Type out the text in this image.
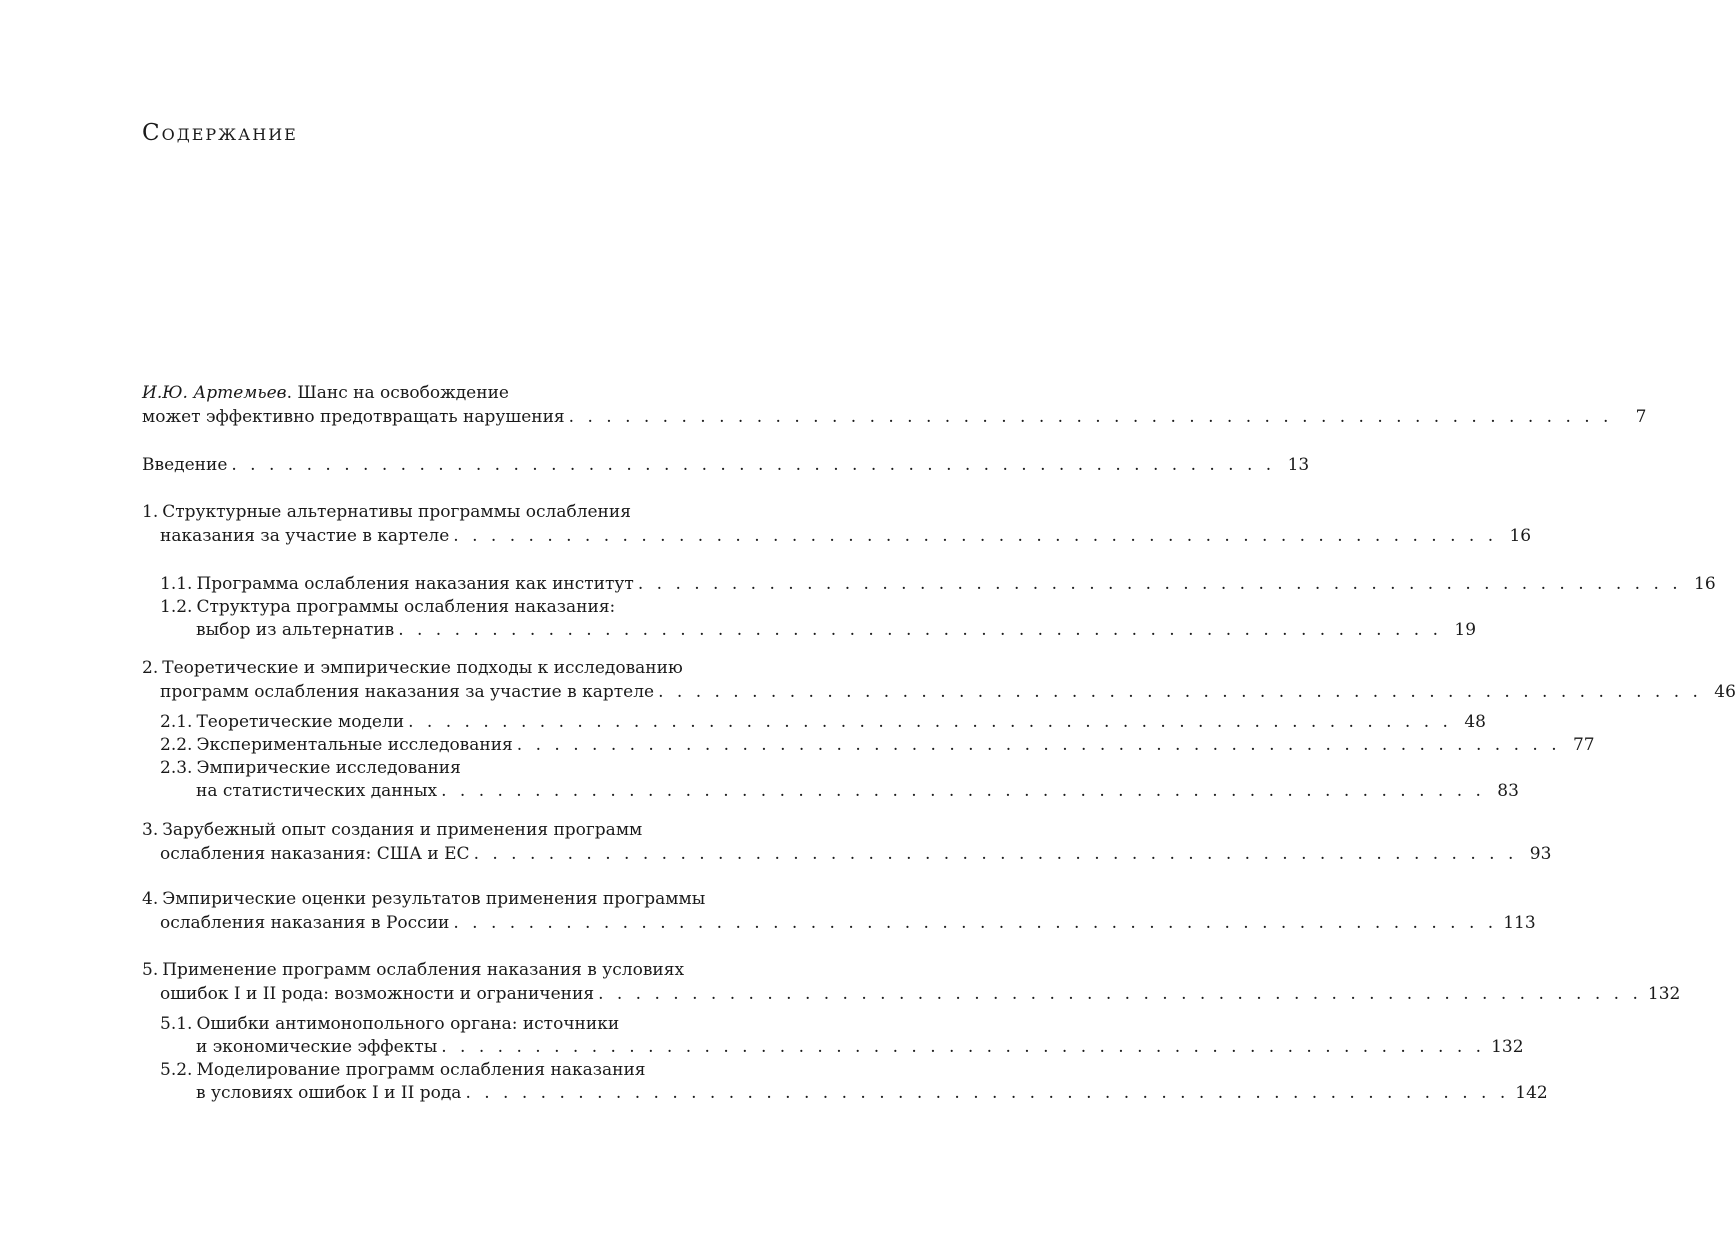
Содержание
И.Ю. Артемьев. Шанс на освобождение
может эффективно предотвращать нарушения . . . . . . . . . . . . . . . . . . . . . . . . . . . . . . . . . . . . . . . . . . . . . . . . . . . . . . . .	7
Введение . . . . . . . . . . . . . . . . . . . . . . . . . . . . . . . . . . . . . . . . . . . . . . . . . . . . . . . . 13
1. Структурные альтернативы программы ослабления
наказания за участие в картеле . . . . . . . . . . . . . . . . . . . . . . . . . . . . . . . . . . . . . . . . . . . . . . . . . . . . . . . . 16
1.1. Программа ослабления наказания как институт . . . . . . . . . . . . . . . . . . . . . . . . . . . . . . . . . . . . . . . . . . . . . . . . . . . . . . . . 16
1.2. Структура программы ослабления наказания:
выбор из альтернатив . . . . . . . . . . . . . . . . . . . . . . . . . . . . . . . . . . . . . . . . . . . . . . . . . . . . . . . . 19
2. Теоретические и эмпирические подходы к исследованию
программ ослабления наказания за участие в картеле . . . . . . . . . . . . . . . . . . . . . . . . . . . . . . . . . . . . . . . . . . . . . . . . . . . . . . . . 46
2.1. Теоретические модели . . . . . . . . . . . . . . . . . . . . . . . . . . . . . . . . . . . . . . . . . . . . . . . . . . . . . . . . 48
2.2. Экспериментальные исследования . . . . . . . . . . . . . . . . . . . . . . . . . . . . . . . . . . . . . . . . . . . . . . . . . . . . . . . . 77
2.3. Эмпирические исследования
на статистических данных . . . . . . . . . . . . . . . . . . . . . . . . . . . . . . . . . . . . . . . . . . . . . . . . . . . . . . . . 83
3. Зарубежный опыт создания и применения программ
ослабления наказания: США и ЕС . . . . . . . . . . . . . . . . . . . . . . . . . . . . . . . . . . . . . . . . . . . . . . . . . . . . . . . . 93
4. Эмпирические оценки результатов применения программы
ослабления наказания в России . . . . . . . . . . . . . . . . . . . . . . . . . . . . . . . . . . . . . . . . . . . . . . . . . . . . . . . . 113
5. Применение программ ослабления наказания в условиях
ошибок I и II рода: возможности и ограничения . . . . . . . . . . . . . . . . . . . . . . . . . . . . . . . . . . . . . . . . . . . . . . . . . . . . . . . . 132
5.1. Ошибки антимонопольного органа: источники
и экономические эффекты . . . . . . . . . . . . . . . . . . . . . . . . . . . . . . . . . . . . . . . . . . . . . . . . . . . . . . . . 132
5.2. Моделирование программ ослабления наказания
в условиях ошибок I и II рода . . . . . . . . . . . . . . . . . . . . . . . . . . . . . . . . . . . . . . . . . . . . . . . . . . . . . . . . 142
